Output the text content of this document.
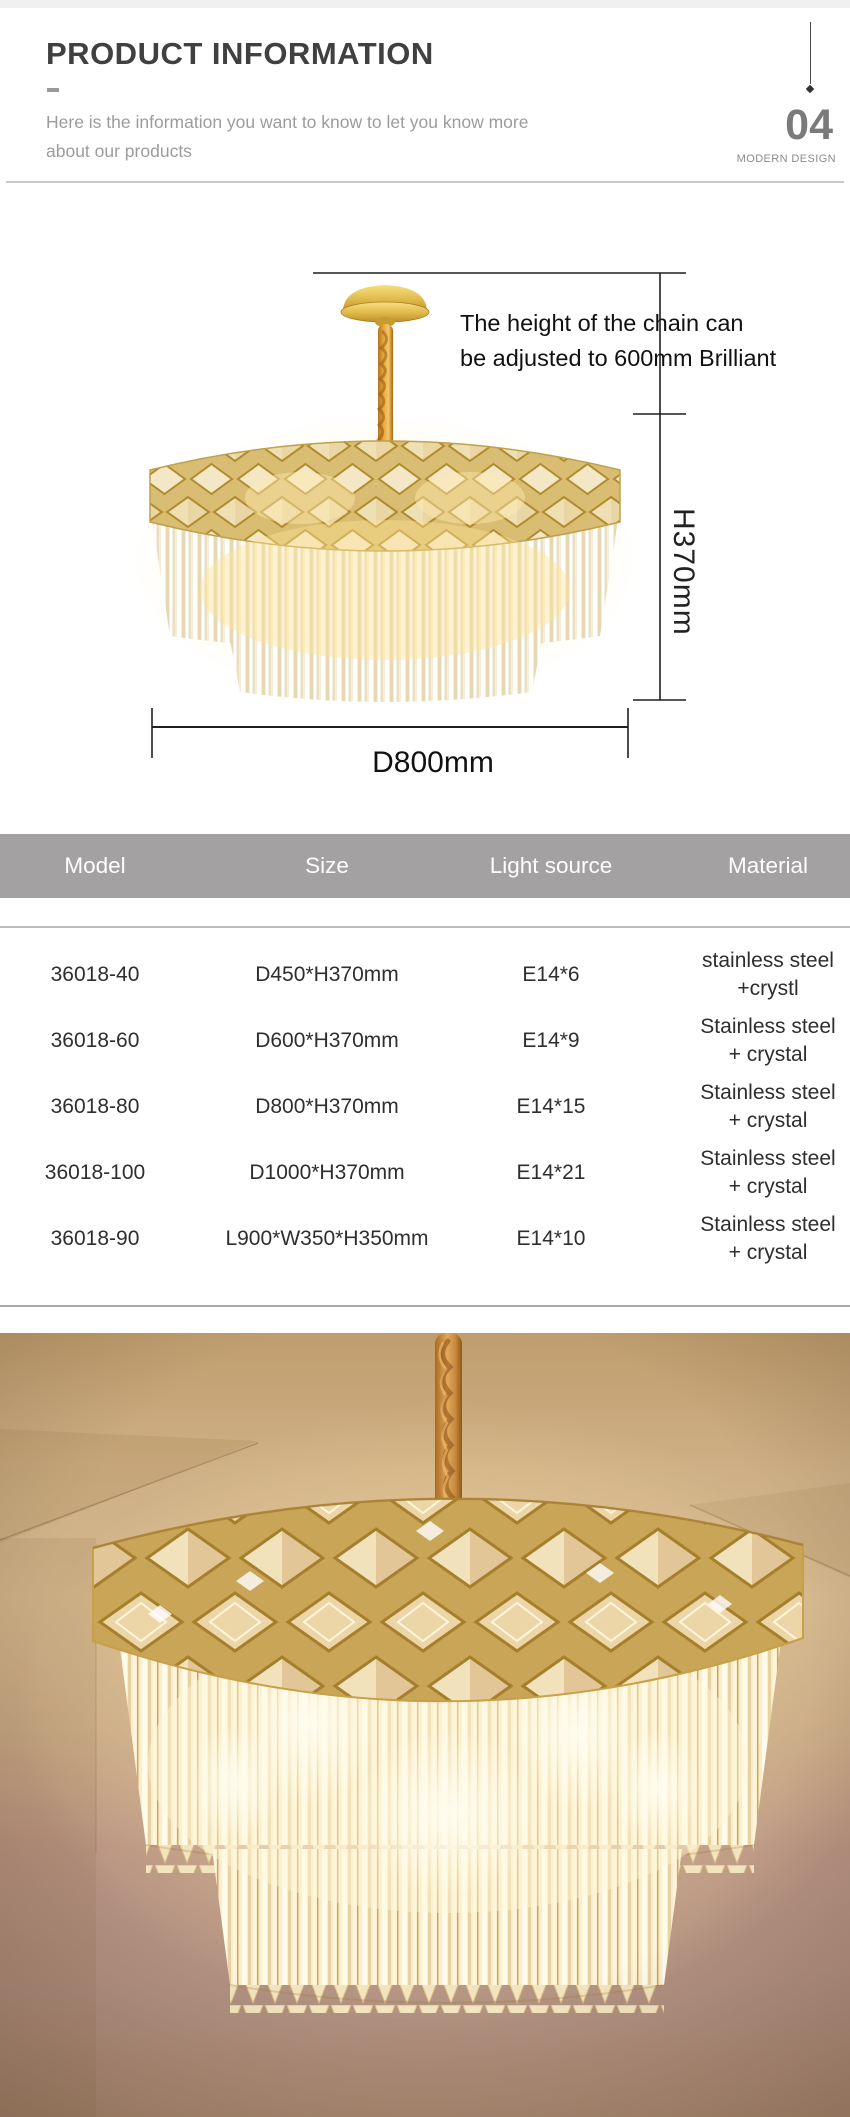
PRODUCT INFORMATION
Here is the information you want to know to let you know more
about our products
04
MODERN DESIGN
The height of the chain can
be adjusted to 600mm Brilliant
H370mm
D800mm
Model	Size	Light source	Material
36018-40	D450*H370mm	E14*6
stainless steel
+crystl
36018-60	D600*H370mm	E14*9
Stainless steel
+ crystal
36018-80	D800*H370mm	E14*15
Stainless steel
+ crystal
36018-100	D1000*H370mm	E14*21
Stainless steel
+ crystal
36018-90	L900*W350*H350mm	E14*10
Stainless steel
+ crystal
